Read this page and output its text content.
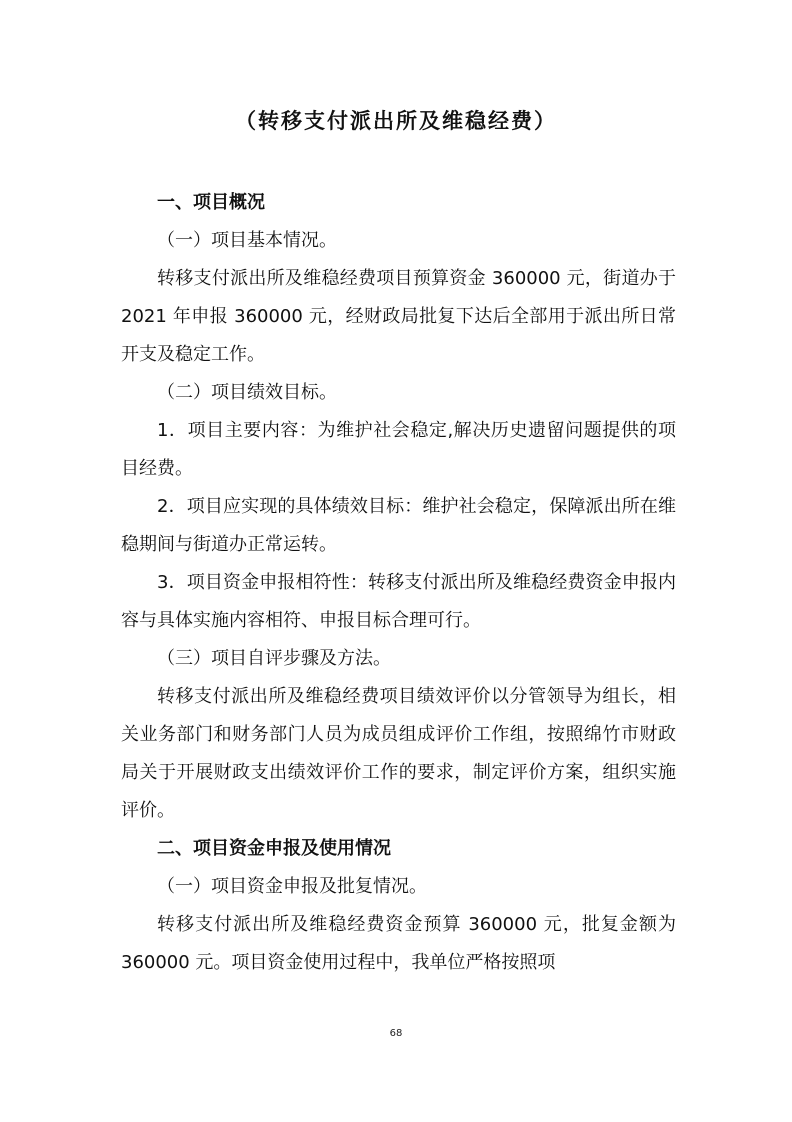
（转移支付派出所及维稳经费）

一、项目概况

（一）项目基本情况。

转移支付派出所及维稳经费项目预算资金 360000 元，街道办于 2021 年申报 360000 元，经财政局批复下达后全部用于派出所日常开支及稳定工作。

（二）项目绩效目标。

1．项目主要内容：为维护社会稳定,解决历史遗留问题提供的项目经费。

2．项目应实现的具体绩效目标：维护社会稳定，保障派出所在维稳期间与街道办正常运转。

3．项目资金申报相符性：转移支付派出所及维稳经费资金申报内容与具体实施内容相符、申报目标合理可行。

（三）项目自评步骤及方法。

转移支付派出所及维稳经费项目绩效评价以分管领导为组长，相关业务部门和财务部门人员为成员组成评价工作组，按照绵竹市财政局关于开展财政支出绩效评价工作的要求，制定评价方案，组织实施评价。

二、项目资金申报及使用情况

（一）项目资金申报及批复情况。

转移支付派出所及维稳经费资金预算 360000 元，批复金额为 360000 元。项目资金使用过程中，我单位严格按照项

68
